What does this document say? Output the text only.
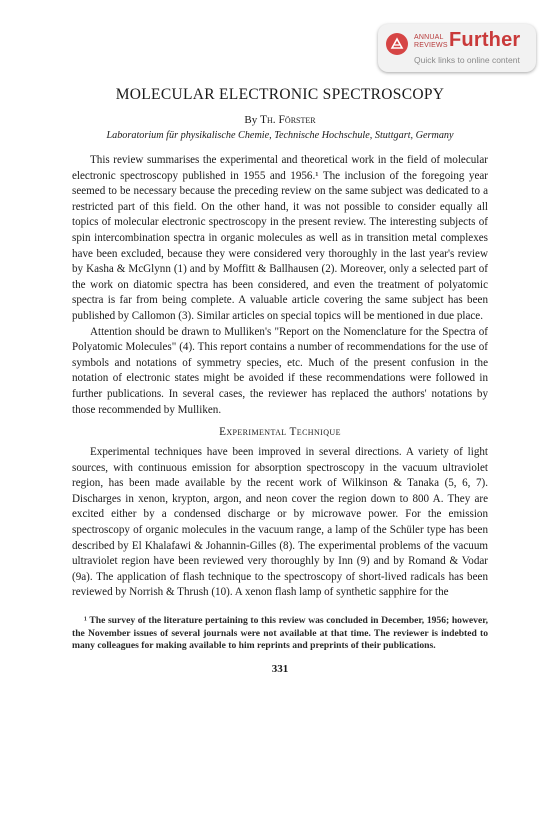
ANNUAL
REVIEWS Further
Quick links to online content
MOLECULAR ELECTRONIC SPECTROSCOPY
By Th. Förster
Laboratorium für physikalische Chemie, Technische Hochschule, Stuttgart, Germany

This review summarises the experimental and theoretical work in the field of molecular electronic spectroscopy published in 1955 and 1956.¹ The inclusion of the foregoing year seemed to be necessary because the preceding review on the same subject was dedicated to a restricted part of this field. On the other hand, it was not possible to consider equally all topics of molecular electronic spectroscopy in the present review. The interesting subjects of spin intercombination spectra in organic molecules as well as in transition metal complexes have been excluded, because they were considered very thoroughly in the last year's review by Kasha & McGlynn (1) and by Moffitt & Ballhausen (2). Moreover, only a selected part of the work on diatomic spectra has been considered, and even the treatment of polyatomic spectra is far from being complete. A valuable article covering the same subject has been published by Callomon (3). Similar articles on special topics will be mentioned in due place.

Attention should be drawn to Mulliken's "Report on the Nomenclature for the Spectra of Polyatomic Molecules" (4). This report contains a number of recommendations for the use of symbols and notations of symmetry species, etc. Much of the present confusion in the notation of electronic states might be avoided if these recommendations were followed in further publications. In several cases, the reviewer has replaced the authors' notations by those recommended by Mulliken.

Experimental Technique

Experimental techniques have been improved in several directions. A variety of light sources, with continuous emission for absorption spectroscopy in the vacuum ultraviolet region, has been made available by the recent work of Wilkinson & Tanaka (5, 6, 7). Discharges in xenon, krypton, argon, and neon cover the region down to 800 A. They are excited either by a condensed discharge or by microwave power. For the emission spectroscopy of organic molecules in the vacuum range, a lamp of the Schüler type has been described by El Khalafawi & Johannin-Gilles (8). The experimental problems of the vacuum ultraviolet region have been reviewed very thoroughly by Inn (9) and by Romand & Vodar (9a). The application of flash technique to the spectroscopy of short-lived radicals has been reviewed by Norrish & Thrush (10). A xenon flash lamp of synthetic sapphire for the

¹ The survey of the literature pertaining to this review was concluded in December, 1956; however, the November issues of several journals were not available at that time. The reviewer is indebted to many colleagues for making available to him reprints and preprints of their publications.
331
